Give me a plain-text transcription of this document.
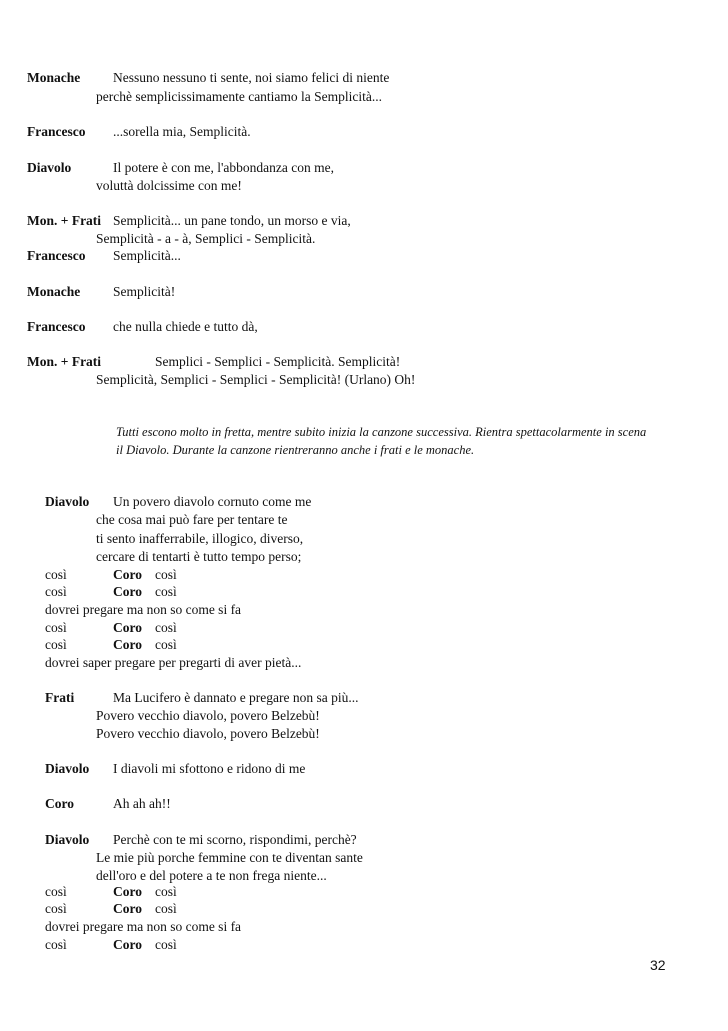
Monache Nessuno nessuno ti sente, noi siamo felici di niente
perchè semplicissimamente cantiamo la Semplicità...
Francesco ...sorella mia, Semplicità.
Diavolo	Il potere è con me, l'abbondanza con me,
voluttà dolcissime con me!
Mon. + Frati Semplicità... un pane tondo, un morso e via,
Semplicità - a - à, Semplici - Semplicità.
Francesco Semplicità...
Monache Semplicità!
Francesco che nulla chiede e tutto dà,
Mon. + Frati	Semplici - Semplici - Semplicità. Semplicità!
Semplicità, Semplici - Semplici - Semplicità! (Urlano) Oh!
Tutti escono molto in fretta, mentre subito inizia la canzone successiva. Rientra spettacolarmente in scena
il Diavolo. Durante la canzone rientreranno anche i frati e le monache.
Diavolo Un povero diavolo cornuto come me
che cosa mai può fare per tentare te
ti sento inafferrabile, illogico, diverso,
cercare di tentarti è tutto tempo perso;
così	Coro così
così	Coro così
dovrei pregare ma non so come si fa
così	Coro così
così	Coro così
dovrei saper pregare per pregarti di aver pietà...
Frati	Ma Lucifero è dannato e pregare non sa più...
Povero vecchio diavolo, povero Belzebù!
Povero vecchio diavolo, povero Belzebù!
Diavolo I diavoli mi sfottono e ridono di me
Coro	Ah ah ah!!
Diavolo Perchè con te mi scorno, rispondimi, perchè?
Le mie più porche femmine con te diventan sante
dell'oro e del potere a te non frega niente...
così	Coro così
così	Coro così
dovrei pregare ma non so come si fa
così	Coro così
32
